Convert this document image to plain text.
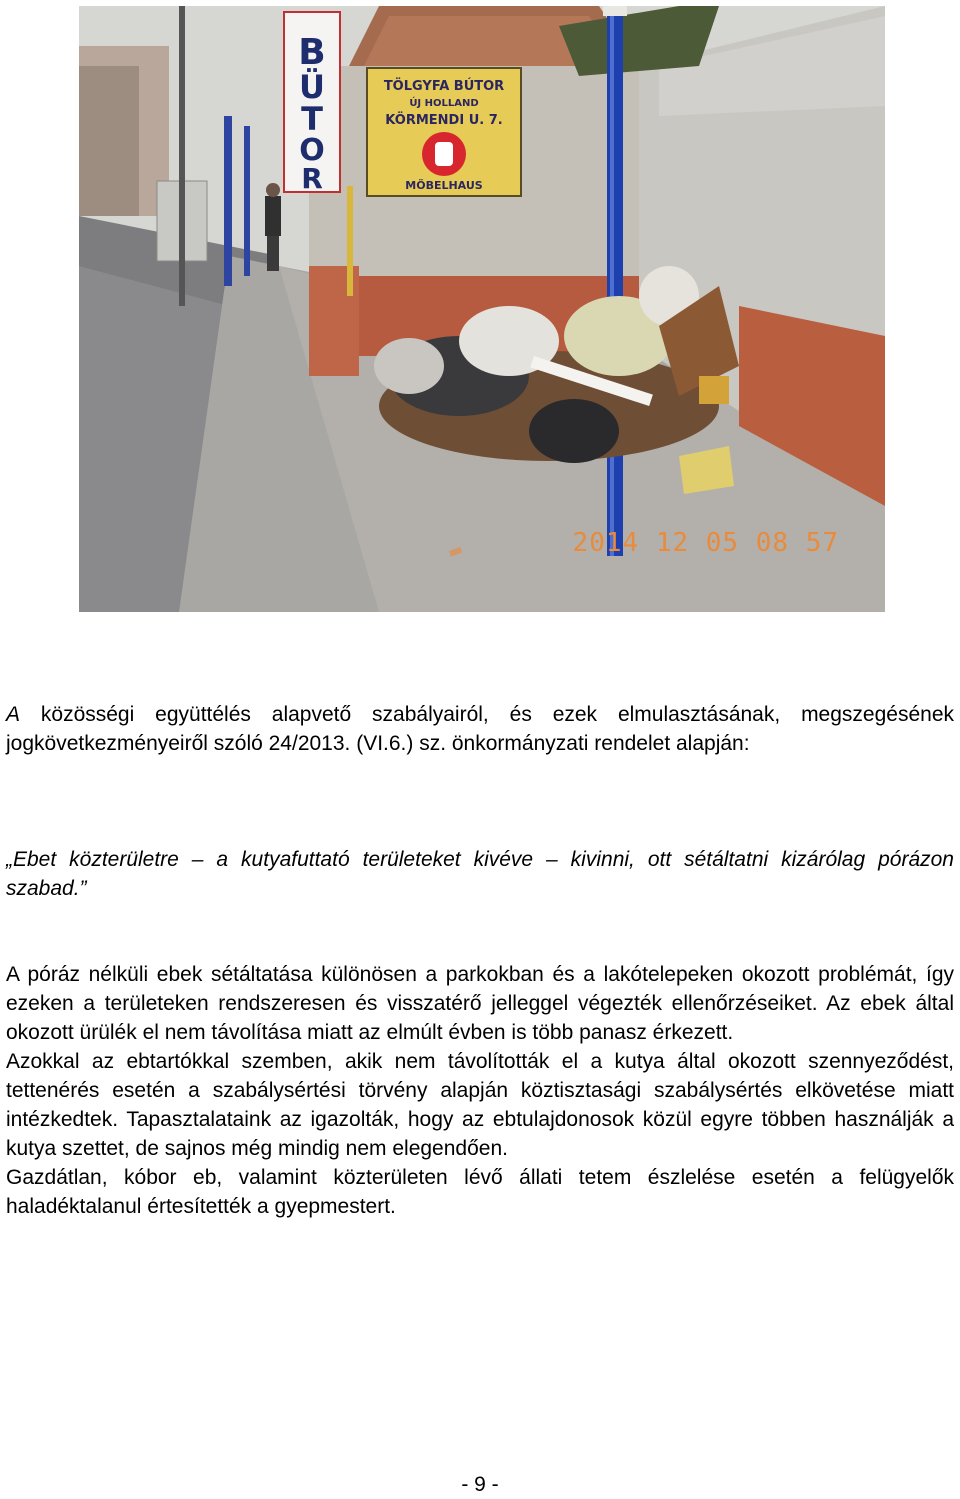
B
Ü
T
O
R
TÖLGYFA BÚTOR
ÚJ HOLLAND
KÖRMENDI U. 7.
MÖBELHAUS
2014 12 05 08 57
A közösségi együttélés alapvető szabályairól, és ezek elmulasztásának, megszegésének jogkövetkezményeiről szóló 24/2013. (VI.6.) sz. önkormányzati rendelet alapján:
„Ebet közterületre – a kutyafuttató területeket kivéve – kivinni, ott sétáltatni kizárólag pórázon szabad.”

A póráz nélküli ebek sétáltatása különösen a parkokban és a lakótelepeken okozott problémát, így ezeken a területeken rendszeresen és visszatérő jelleggel végezték ellenőrzéseiket. Az ebek által okozott ürülék el nem távolítása miatt az elmúlt évben is több panasz érkezett.

Azokkal az ebtartókkal szemben, akik nem távolították el a kutya által okozott szennyeződést, tettenérés esetén a szabálysértési törvény alapján köztisztasági szabálysértés elkövetése miatt intézkedtek. Tapasztalataink az igazolták, hogy az ebtulajdonosok közül egyre többen használják a kutya szettet, de sajnos még mindig nem elegendően.

Gazdátlan, kóbor eb, valamint közterületen lévő állati tetem észlelése esetén a felügyelők haladéktalanul értesítették a gyepmestert.

- 9 -
